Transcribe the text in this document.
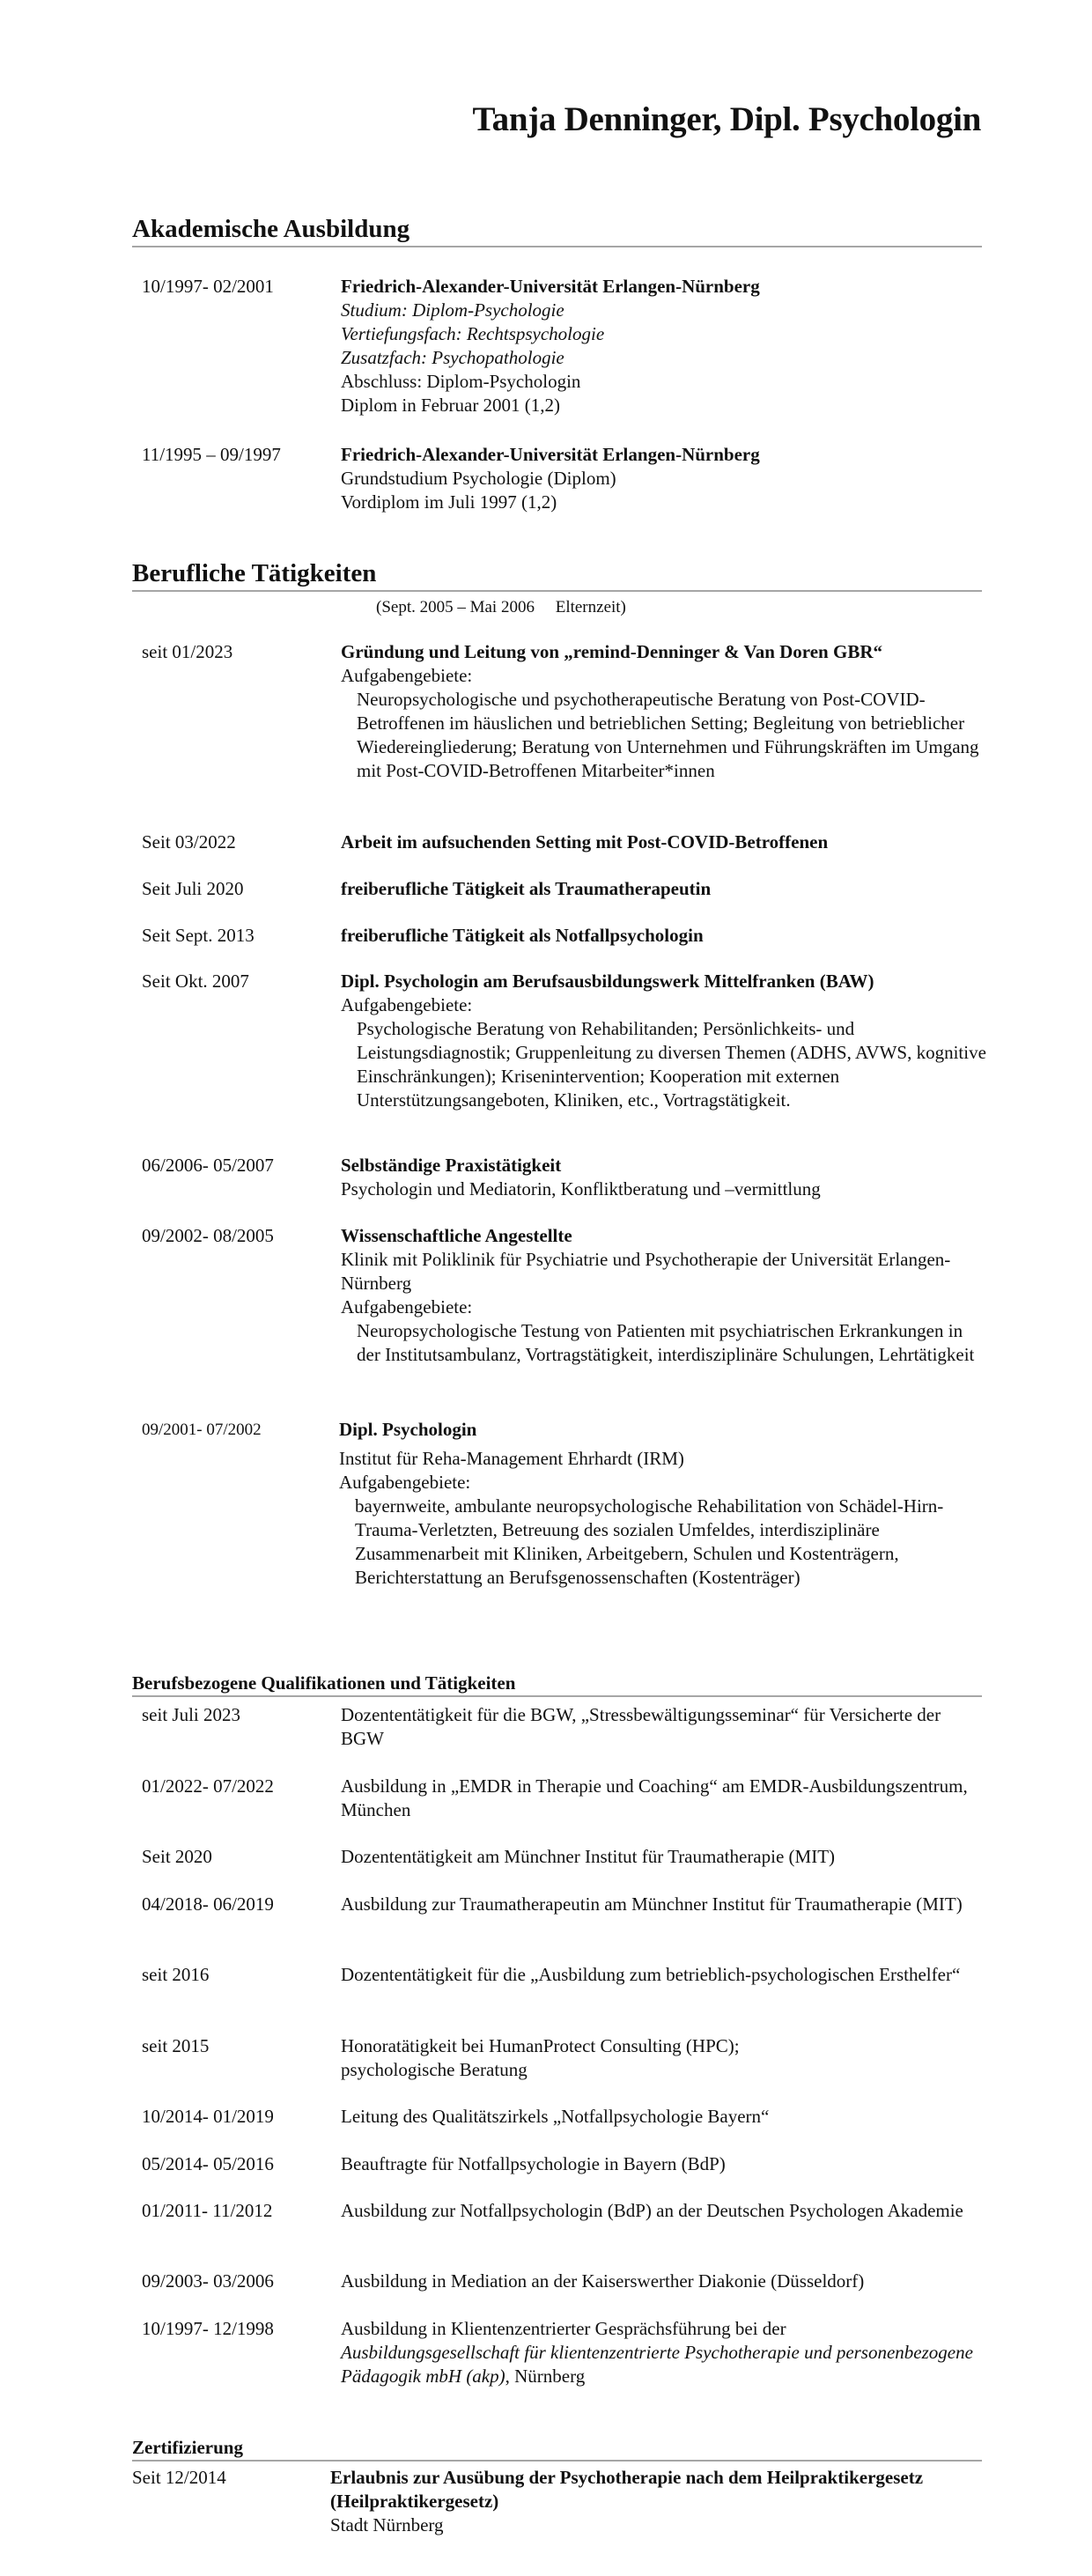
Tanja Denninger, Dipl. Psychologin
Akademische Ausbildung
10/1997- 02/2001	Friedrich-Alexander-Universität Erlangen-Nürnberg
Studium: Diplom-Psychologie
Vertiefungsfach: Rechtspsychologie
Zusatzfach: Psychopathologie
Abschluss: Diplom-Psychologin
Diplom in Februar 2001 (1,2)
11/1995 – 09/1997	Friedrich-Alexander-Universität Erlangen-Nürnberg
Grundstudium Psychologie (Diplom)
Vordiplom im Juli 1997 (1,2)
Berufliche Tätigkeiten
(Sept. 2005 – Mai 2006     Elternzeit)
seit 01/2023	Gründung und Leitung von „remind-Denninger & Van Doren GBR“
Aufgabengebiete:
Neuropsychologische und psychotherapeutische Beratung von Post-COVID-Betroffenen im häuslichen und betrieblichen Setting; Begleitung von betrieblicher Wiedereingliederung; Beratung von Unternehmen und Führungskräften im Umgang mit Post-COVID-Betroffenen Mitarbeiter*innen
Seit 03/2022	Arbeit im aufsuchenden Setting mit Post-COVID-Betroffenen
Seit Juli 2020	freiberufliche Tätigkeit als Traumatherapeutin
Seit Sept. 2013	freiberufliche Tätigkeit als Notfallpsychologin
Seit Okt. 2007	Dipl. Psychologin am Berufsausbildungswerk Mittelfranken (BAW)
Aufgabengebiete:
Psychologische Beratung von Rehabilitanden; Persönlichkeits- und Leistungsdiagnostik; Gruppenleitung zu diversen Themen (ADHS, AVWS, kognitive Einschränkungen); Krisenintervention; Kooperation mit externen Unterstützungsangeboten, Kliniken, etc., Vortragstätigkeit.
06/2006- 05/2007	Selbständige Praxistätigkeit
Psychologin und Mediatorin, Konfliktberatung und –vermittlung
09/2002- 08/2005	Wissenschaftliche Angestellte
Klinik mit Poliklinik für Psychiatrie und Psychotherapie der Universität Erlangen-Nürnberg
Aufgabengebiete:
Neuropsychologische Testung von Patienten mit psychiatrischen Erkrankungen in der Institutsambulanz, Vortragstätigkeit, interdisziplinäre Schulungen, Lehrtätigkeit
09/2001- 07/2002	Dipl. Psychologin
Institut für Reha-Management Ehrhardt (IRM)
Aufgabengebiete:
bayernweite, ambulante neuropsychologische Rehabilitation von Schädel-Hirn-Trauma-Verletzten, Betreuung des sozialen Umfeldes, interdisziplinäre Zusammenarbeit mit Kliniken, Arbeitgebern, Schulen und Kostenträgern, Berichterstattung an Berufsgenossenschaften (Kostenträger)
Berufsbezogene Qualifikationen und Tätigkeiten
seit Juli 2023	Dozententätigkeit für die BGW, „Stressbewältigungsseminar“ für Versicherte der BGW
01/2022- 07/2022	Ausbildung in „EMDR in Therapie und Coaching“ am EMDR-Ausbildungszentrum, München
Seit 2020	Dozententätigkeit am Münchner Institut für Traumatherapie (MIT)
04/2018- 06/2019	Ausbildung zur Traumatherapeutin am Münchner Institut für Traumatherapie (MIT)
seit 2016	Dozententätigkeit für die „Ausbildung zum betrieblich-psychologischen Ersthelfer“
seit 2015	Honoratätigkeit bei HumanProtect Consulting (HPC);
psychologische Beratung
10/2014- 01/2019	Leitung des Qualitätszirkels „Notfallpsychologie Bayern“
05/2014- 05/2016	Beauftragte für Notfallpsychologie in Bayern (BdP)
01/2011- 11/2012	Ausbildung zur Notfallpsychologin (BdP) an der Deutschen Psychologen Akademie
09/2003- 03/2006	Ausbildung in Mediation an der Kaiserswerther Diakonie (Düsseldorf)
10/1997- 12/1998	Ausbildung in Klientenzentrierter Gesprächsführung bei der
Ausbildungsgesellschaft für klientenzentrierte Psychotherapie und personenbezogene Pädagogik mbH (akp), Nürnberg
Zertifizierung
Seit 12/2014	Erlaubnis zur Ausübung der Psychotherapie nach dem Heilpraktikergesetz (Heilpraktikergesetz)
Stadt Nürnberg
